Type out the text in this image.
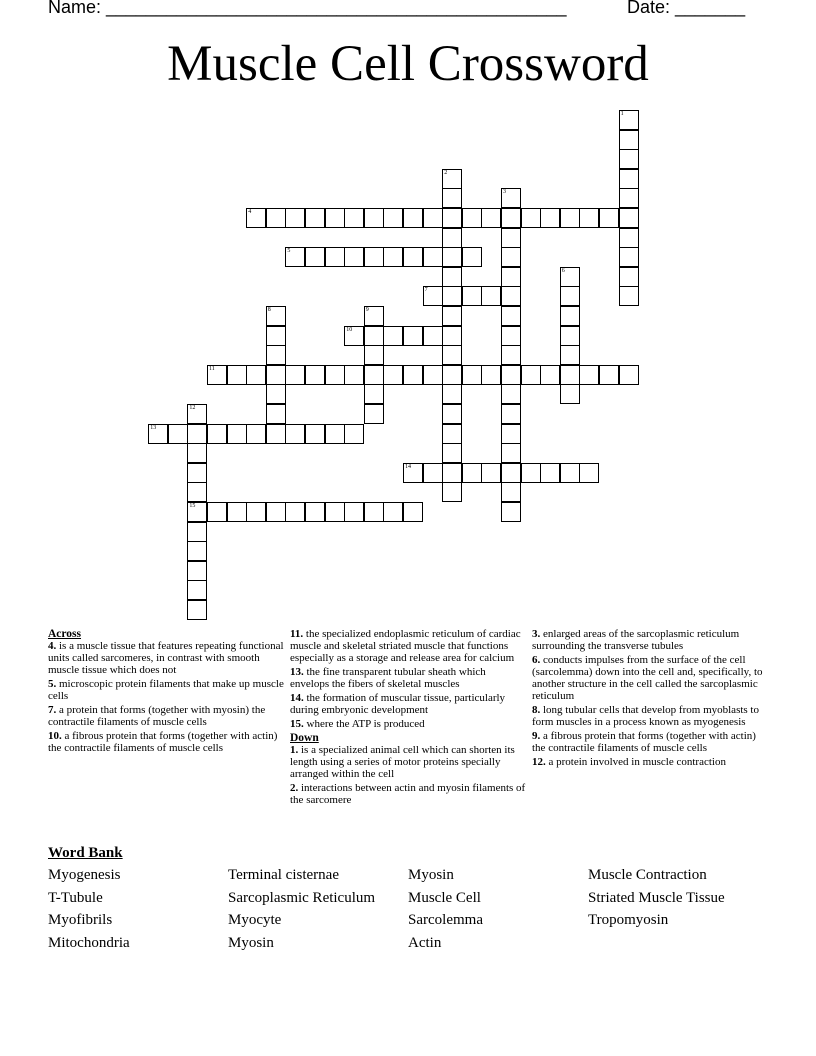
Name: ______________________________________________	Date: _______
Muscle Cell Crossword
1
2
3
4
5
6
7
8	9
10
11
12
15
13
14
Across
4. is a muscle tissue that features repeating functional units called sarcomeres, in contrast with smooth muscle tissue which does not
5. microscopic protein filaments that make up muscle cells
7. a protein that forms (together with myosin) the contractile filaments of muscle cells
10. a fibrous protein that forms (together with actin) the contractile filaments of muscle cells
11. the specialized endoplasmic reticulum of cardiac muscle and skeletal striated muscle that functions especially as a storage and release area for calcium
13. the fine transparent tubular sheath which envelops the fibers of skeletal muscles
14. the formation of muscular tissue, particularly during embryonic development
15. where the ATP is produced
Down
1. is a specialized animal cell which can shorten its length using a series of motor proteins specially arranged within the cell
2. interactions between actin and myosin filaments of the sarcomere
3. enlarged areas of the sarcoplasmic reticulum surrounding the transverse tubules
6. conducts impulses from the surface of the cell (sarcolemma) down into the cell and, specifically, to another structure in the cell called the sarcoplasmic reticulum
8. long tubular cells that develop from myoblasts to form muscles in a process known as myogenesis
9. a fibrous protein that forms (together with actin) the contractile filaments of muscle cells
12. a protein involved in muscle contraction
Word Bank
Myogenesis
T-Tubule
Myofibrils
Mitochondria
Terminal cisternae
Sarcoplasmic Reticulum
Myocyte
Myosin
Myosin
Muscle Cell
Sarcolemma
Actin
Muscle Contraction
Striated Muscle Tissue
Tropomyosin
